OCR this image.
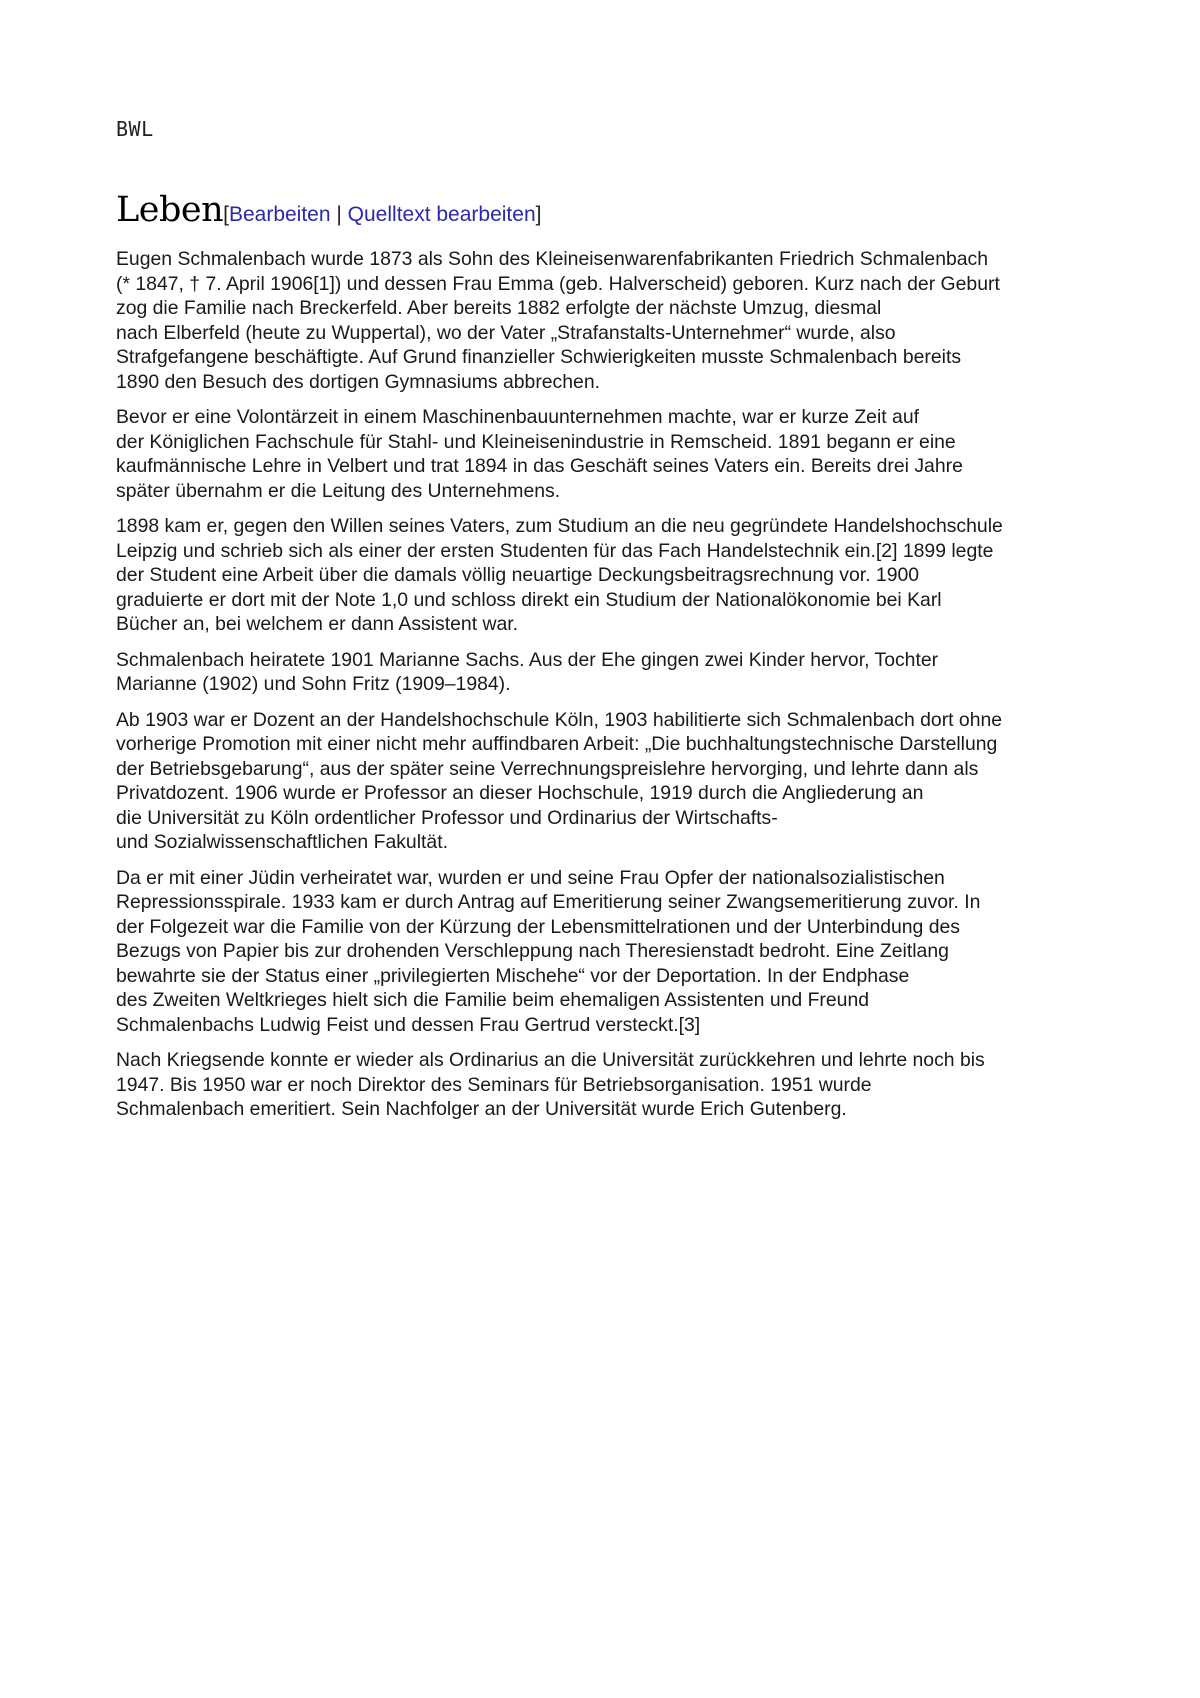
BWL
Leben[Bearbeiten | Quelltext bearbeiten]

Eugen Schmalenbach wurde 1873 als Sohn des Kleineisenwarenfabrikanten Friedrich Schmalenbach
(* 1847, † 7. April 1906[1]) und dessen Frau Emma (geb. Halverscheid) geboren. Kurz nach der Geburt
zog die Familie nach Breckerfeld. Aber bereits 1882 erfolgte der nächste Umzug, diesmal
nach Elberfeld (heute zu Wuppertal), wo der Vater „Strafanstalts-Unternehmer“ wurde, also
Strafgefangene beschäftigte. Auf Grund finanzieller Schwierigkeiten musste Schmalenbach bereits
1890 den Besuch des dortigen Gymnasiums abbrechen.

Bevor er eine Volontärzeit in einem Maschinenbauunternehmen machte, war er kurze Zeit auf
der Königlichen Fachschule für Stahl- und Kleineisenindustrie in Remscheid. 1891 begann er eine
kaufmännische Lehre in Velbert und trat 1894 in das Geschäft seines Vaters ein. Bereits drei Jahre
später übernahm er die Leitung des Unternehmens.

1898 kam er, gegen den Willen seines Vaters, zum Studium an die neu gegründete Handelshochschule
Leipzig und schrieb sich als einer der ersten Studenten für das Fach Handelstechnik ein.[2] 1899 legte
der Student eine Arbeit über die damals völlig neuartige Deckungsbeitragsrechnung vor. 1900
graduierte er dort mit der Note 1,0 und schloss direkt ein Studium der Nationalökonomie bei Karl
Bücher an, bei welchem er dann Assistent war.

Schmalenbach heiratete 1901 Marianne Sachs. Aus der Ehe gingen zwei Kinder hervor, Tochter
Marianne (1902) und Sohn Fritz (1909–1984).

Ab 1903 war er Dozent an der Handelshochschule Köln, 1903 habilitierte sich Schmalenbach dort ohne
vorherige Promotion mit einer nicht mehr auffindbaren Arbeit: „Die buchhaltungstechnische Darstellung
der Betriebsgebarung“, aus der später seine Verrechnungspreislehre hervorging, und lehrte dann als
Privatdozent. 1906 wurde er Professor an dieser Hochschule, 1919 durch die Angliederung an
die Universität zu Köln ordentlicher Professor und Ordinarius der Wirtschafts-
und Sozialwissenschaftlichen Fakultät.

Da er mit einer Jüdin verheiratet war, wurden er und seine Frau Opfer der nationalsozialistischen
Repressionsspirale. 1933 kam er durch Antrag auf Emeritierung seiner Zwangsemeritierung zuvor. In
der Folgezeit war die Familie von der Kürzung der Lebensmittelrationen und der Unterbindung des
Bezugs von Papier bis zur drohenden Verschleppung nach Theresienstadt bedroht. Eine Zeitlang
bewahrte sie der Status einer „privilegierten Mischehe“ vor der Deportation. In der Endphase
des Zweiten Weltkrieges hielt sich die Familie beim ehemaligen Assistenten und Freund
Schmalenbachs Ludwig Feist und dessen Frau Gertrud versteckt.[3]

Nach Kriegsende konnte er wieder als Ordinarius an die Universität zurückkehren und lehrte noch bis
1947. Bis 1950 war er noch Direktor des Seminars für Betriebsorganisation. 1951 wurde
Schmalenbach emeritiert. Sein Nachfolger an der Universität wurde Erich Gutenberg.
